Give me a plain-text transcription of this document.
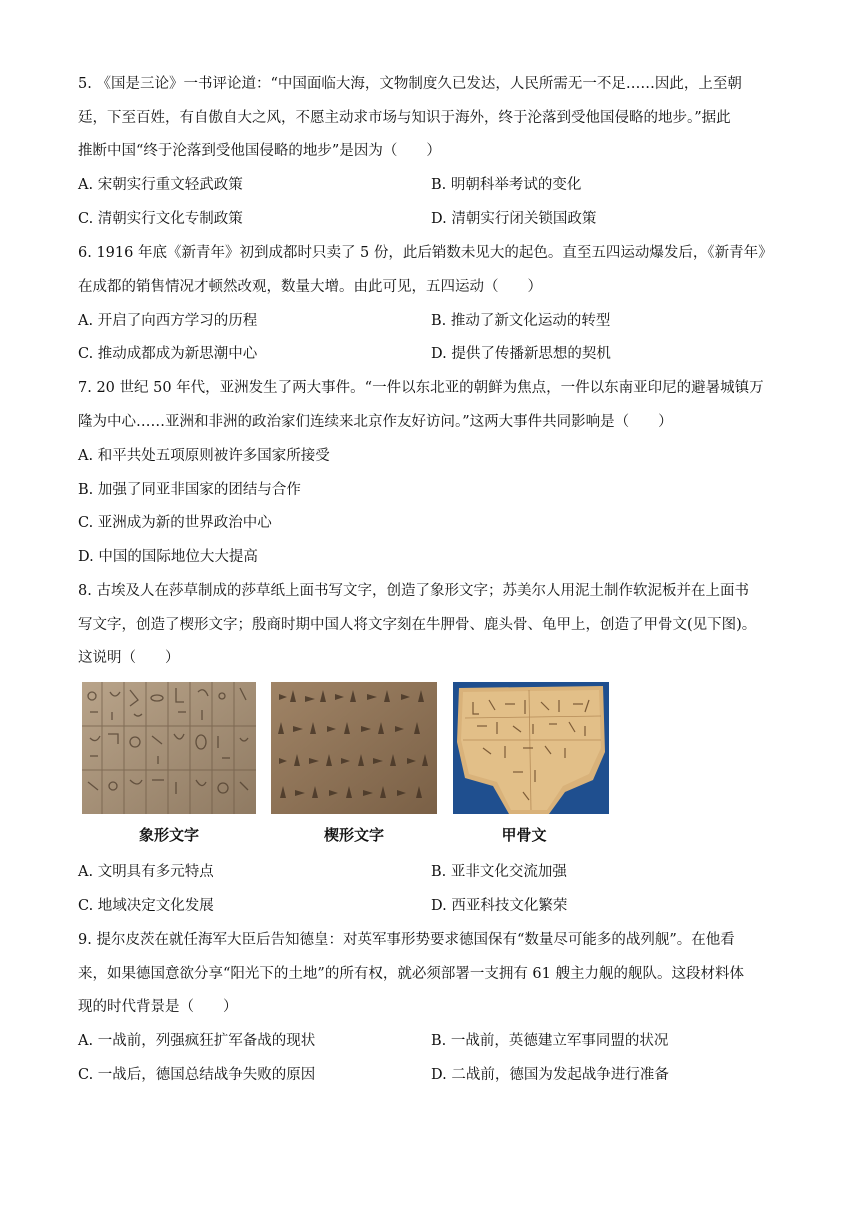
5. 《国是三论》一书评论道：“中国面临大海，文物制度久已发达，人民所需无一不足……因此，上至朝
廷，下至百姓，有自傲自大之风，不愿主动求市场与知识于海外，终于沦落到受他国侵略的地步。”据此
推断中国“终于沦落到受他国侵略的地步”是因为（　　）
A. 宋朝实行重文轻武政策	B. 明朝科举考试的变化
C. 清朝实行文化专制政策	D. 清朝实行闭关锁国政策
6. 1916 年底《新青年》初到成都时只卖了 5 份，此后销数未见大的起色。直至五四运动爆发后，《新青年》
在成都的销售情况才顿然改观，数量大增。由此可见，五四运动（　　）
A. 开启了向西方学习的历程	B. 推动了新文化运动的转型
C. 推动成都成为新思潮中心	D. 提供了传播新思想的契机
7. 20 世纪 50 年代，亚洲发生了两大事件。“一件以东北亚的朝鲜为焦点，一件以东南亚印尼的避暑城镇万
隆为中心……亚洲和非洲的政治家们连续来北京作友好访问。”这两大事件共同影响是（　　）
A. 和平共处五项原则被许多国家所接受
B. 加强了同亚非国家的团结与合作
C. 亚洲成为新的世界政治中心
D. 中国的国际地位大大提高
8. 古埃及人在莎草制成的莎草纸上面书写文字，创造了象形文字；苏美尔人用泥土制作软泥板并在上面书
写文字，创造了楔形文字；殷商时期中国人将文字刻在牛胛骨、鹿头骨、龟甲上，创造了甲骨文(见下图)。
这说明（　　）
象形文字	楔形文字	甲骨文
A. 文明具有多元特点	B. 亚非文化交流加强
C. 地域决定文化发展	D. 西亚科技文化繁荣
9. 提尔皮茨在就任海军大臣后告知德皇：对英军事形势要求德国保有“数量尽可能多的战列舰”。在他看
来，如果德国意欲分享“阳光下的土地”的所有权，就必须部署一支拥有 61 艘主力舰的舰队。这段材料体
现的时代背景是（　　）
A. 一战前，列强疯狂扩军备战的现状	B. 一战前，英德建立军事同盟的状况
C. 一战后，德国总结战争失败的原因	D. 二战前，德国为发起战争进行准备
